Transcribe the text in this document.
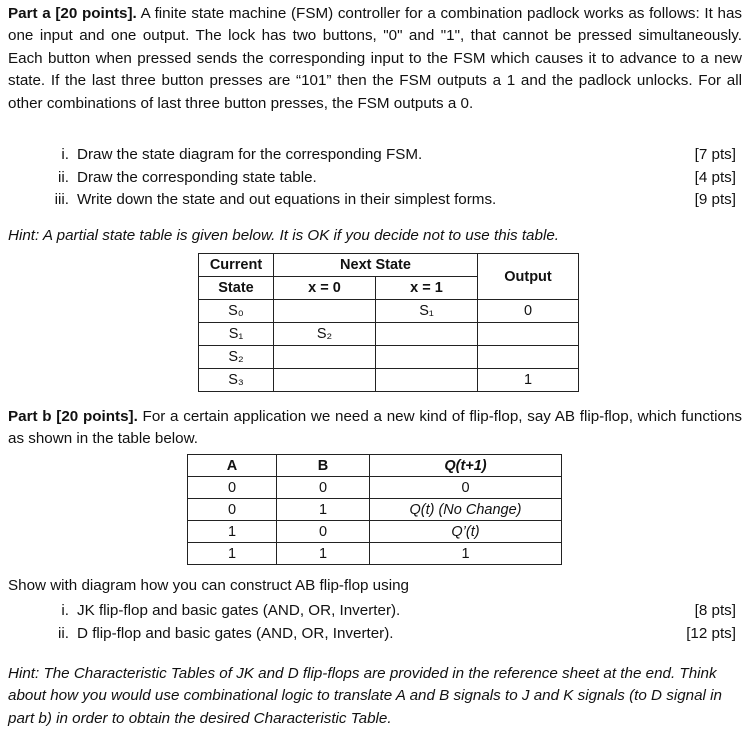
Part a [20 points]. A finite state machine (FSM) controller for a combination padlock works as follows: It has one input and one output. The lock has two buttons, "0" and "1", that cannot be pressed simultaneously. Each button when pressed sends the corresponding input to the FSM which causes it to advance to a new state. If the last three button presses are “101” then the FSM outputs a 1 and the padlock unlocks. For all other combinations of last three button presses, the FSM outputs a 0.
i. Draw the state diagram for the corresponding FSM.	[7 pts]
ii. Draw the corresponding state table.	[4 pts]
iii. Write down the state and out equations in their simplest forms.	[9 pts]
Hint: A partial state table is given below. It is OK if you decide not to use this table.
Current	Next State		Output
State	x = 0	x = 1	
S₀		S₁	0
S₁	S₂		
S₂			
S₃			1
Part b [20 points]. For a certain application we need a new kind of flip-flop, say AB flip-flop, which functions as shown in the table below.
A	B	Q(t+1)
0	0	0
0	1	Q(t) (No Change)
1	0	Q’(t)
1	1	1
Show with diagram how you can construct AB flip-flop using
i. JK flip-flop and basic gates (AND, OR, Inverter).	[8 pts]
ii. D flip-flop and basic gates (AND, OR, Inverter).	[12 pts]
Hint: The Characteristic Tables of JK and D flip-flops are provided in the reference sheet at the end. Think about how you would use combinational logic to translate A and B signals to J and K signals (to D signal in part b) in order to obtain the desired Characteristic Table.
